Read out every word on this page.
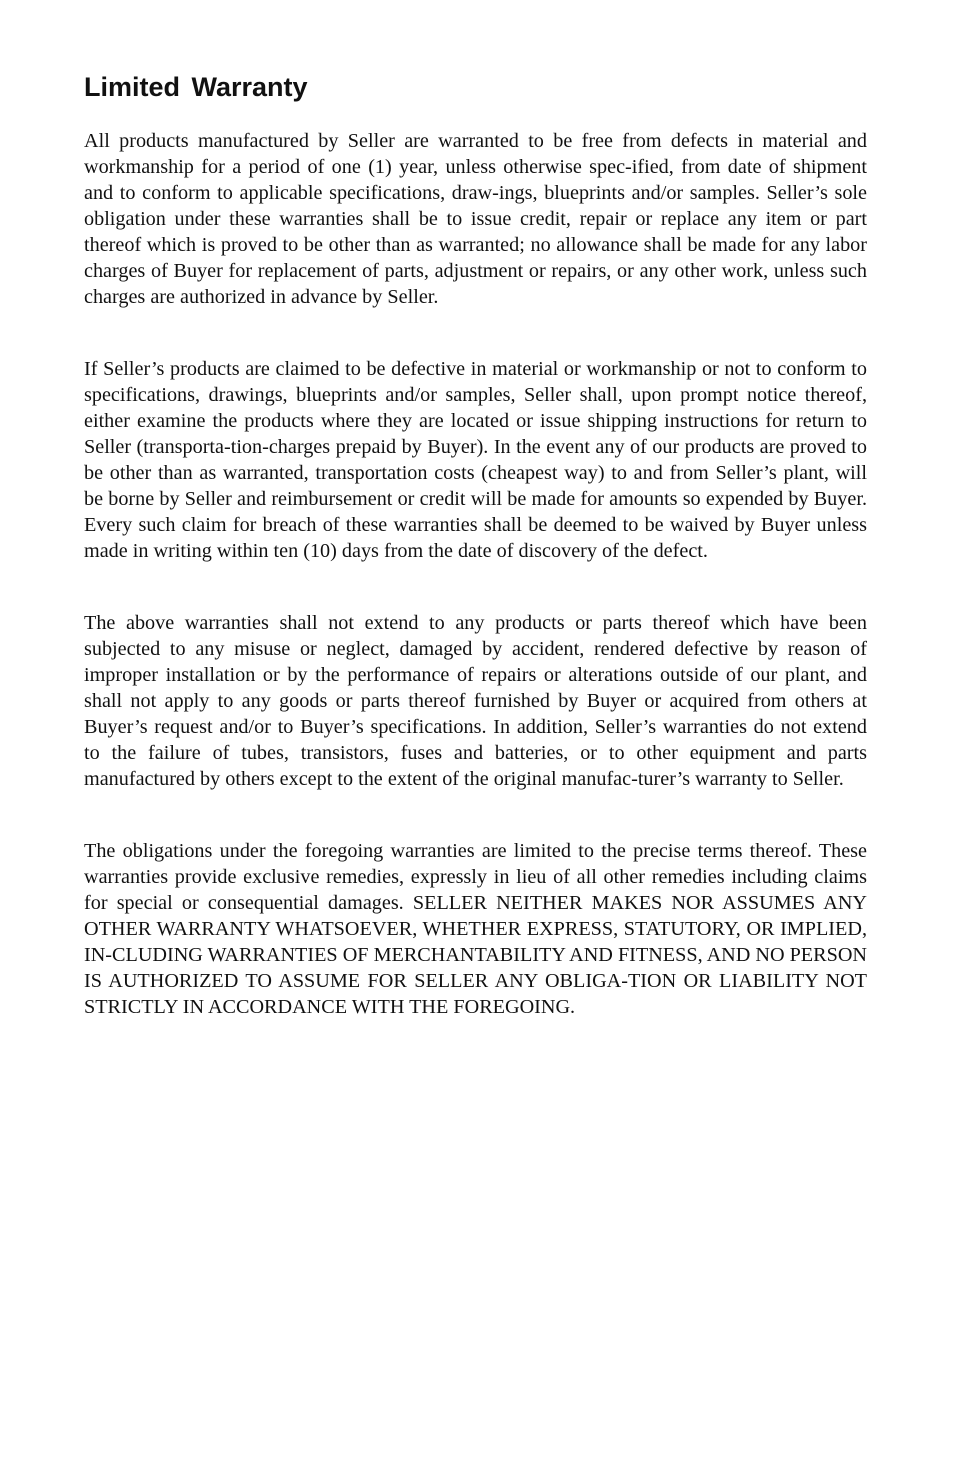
Limited Warranty

All products manufactured by Seller are warranted to be free from defects in material and workmanship for a period of one (1) year, unless otherwise spec-ified, from date of shipment and to conform to applicable specifications, draw-ings, blueprints and/or samples. Seller’s sole obligation under these warranties shall be to issue credit, repair or replace any item or part thereof which is proved to be other than as warranted; no allowance shall be made for any labor charges of Buyer for replacement of parts, adjustment or repairs, or any other work, unless such charges are authorized in advance by Seller.

If Seller’s products are claimed to be defective in material or workmanship or not to conform to specifications, drawings, blueprints and/or samples, Seller shall, upon prompt notice thereof, either examine the products where they are located or issue shipping instructions for return to Seller (transporta-tion-charges prepaid by Buyer). In the event any of our products are proved to be other than as warranted, transportation costs (cheapest way) to and from Seller’s plant, will be borne by Seller and reimbursement or credit will be made for amounts so expended by Buyer. Every such claim for breach of these warranties shall be deemed to be waived by Buyer unless made in writing within ten (10) days from the date of discovery of the defect.

The above warranties shall not extend to any products or parts thereof which have been subjected to any misuse or neglect, damaged by accident, rendered defective by reason of improper installation or by the performance of repairs or alterations outside of our plant, and shall not apply to any goods or parts thereof furnished by Buyer or acquired from others at Buyer’s request and/or to Buyer’s specifications. In addition, Seller’s warranties do not extend to the failure of tubes, transistors, fuses and batteries, or to other equipment and parts manufactured by others except to the extent of the original manufac-turer’s warranty to Seller.

The obligations under the foregoing warranties are limited to the precise terms thereof. These warranties provide exclusive remedies, expressly in lieu of all other remedies including claims for special or consequential damages. SELLER NEITHER MAKES NOR ASSUMES ANY OTHER WARRANTY WHATSOEVER, WHETHER EXPRESS, STATUTORY, OR IMPLIED, IN-CLUDING WARRANTIES OF MERCHANTABILITY AND FITNESS, AND NO PERSON IS AUTHORIZED TO ASSUME FOR SELLER ANY OBLIGA-TION OR LIABILITY NOT STRICTLY IN ACCORDANCE WITH THE FOREGOING.
